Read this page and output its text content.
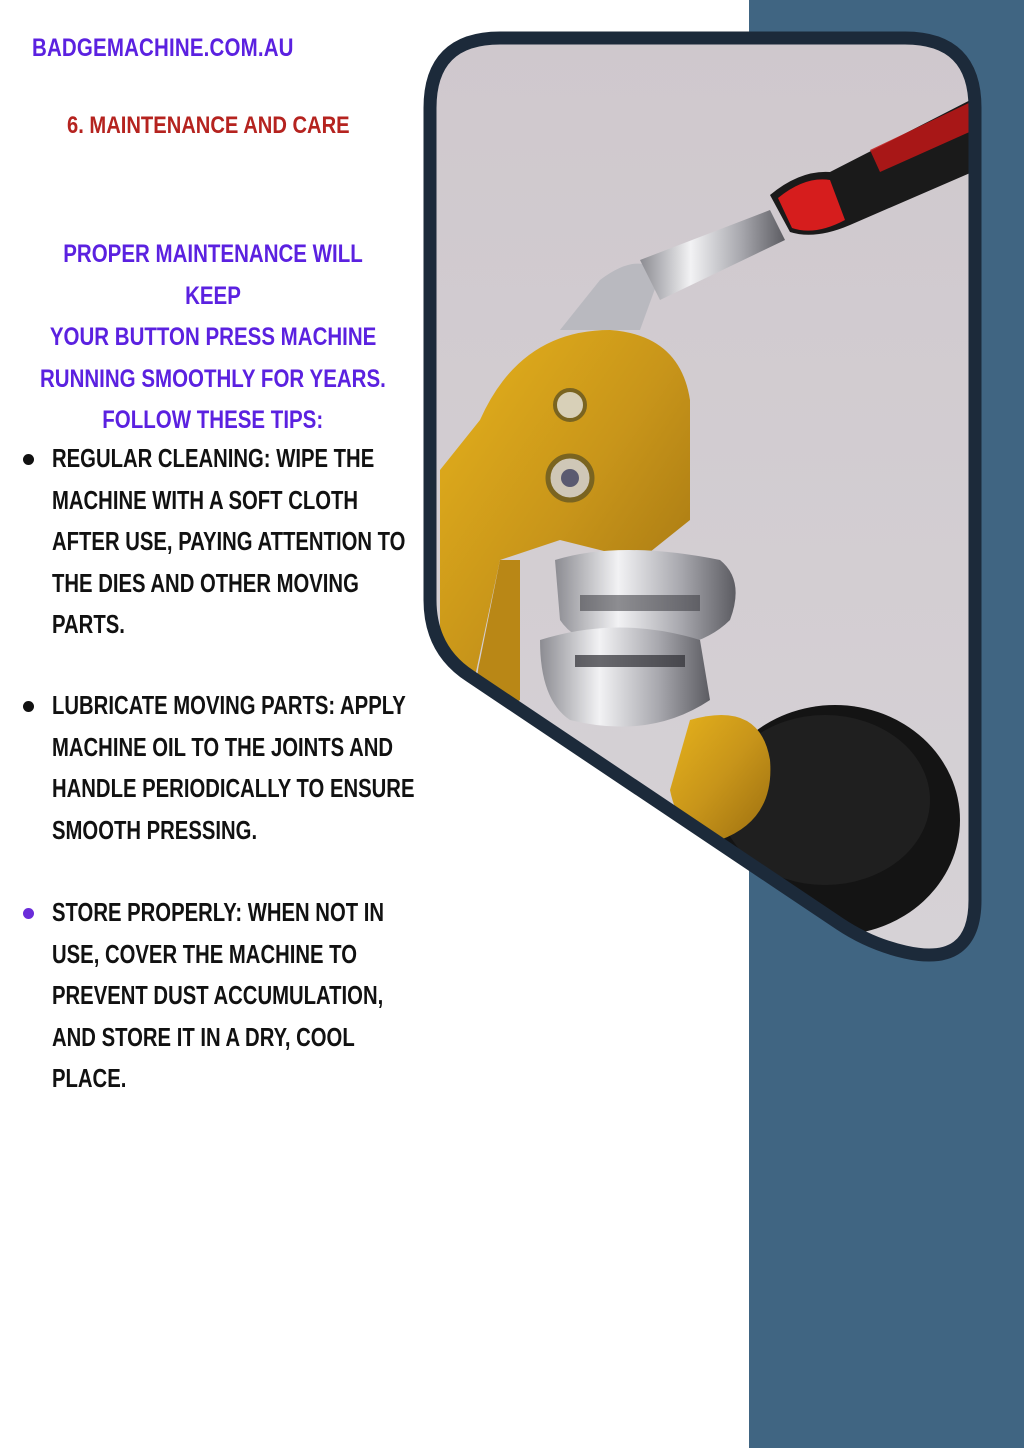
BADGEMACHINE.COM.AU
6. MAINTENANCE AND CARE
PROPER MAINTENANCE WILL KEEP
YOUR BUTTON PRESS MACHINE
RUNNING SMOOTHLY FOR YEARS.
FOLLOW THESE TIPS:
REGULAR CLEANING: WIPE THE
MACHINE WITH A SOFT CLOTH
AFTER USE, PAYING ATTENTION TO
THE DIES AND OTHER MOVING
PARTS.
LUBRICATE MOVING PARTS: APPLY
MACHINE OIL TO THE JOINTS AND
HANDLE PERIODICALLY TO ENSURE
SMOOTH PRESSING.
STORE PROPERLY: WHEN NOT IN
USE, COVER THE MACHINE TO
PREVENT DUST ACCUMULATION,
AND STORE IT IN A DRY, COOL
PLACE.
